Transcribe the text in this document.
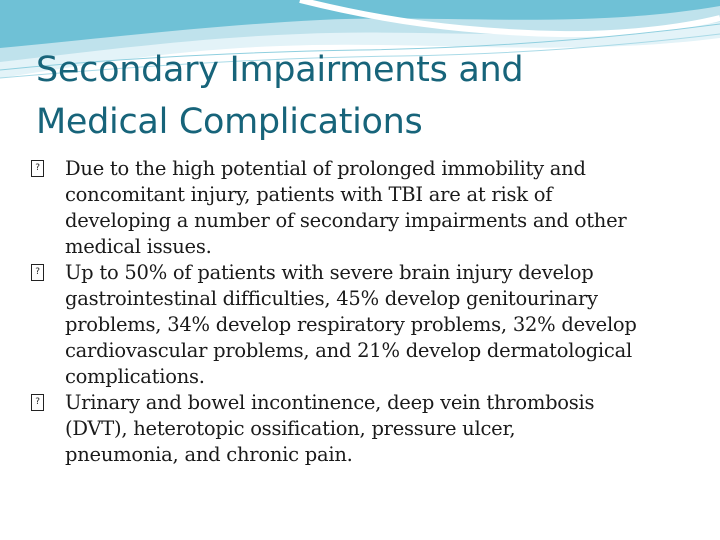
Secondary Impairments and
Medical Complications
? Due to the high potential of prolonged immobility and
concomitant injury, patients with TBI are at risk of
developing a number of secondary impairments and other
medical issues.
? Up to 50% of patients with severe brain injury develop
gastrointestinal difficulties, 45% develop genitourinary
problems, 34% develop respiratory problems, 32% develop
cardiovascular problems, and 21% develop dermatological
complications.
? Urinary and bowel incontinence, deep vein thrombosis
(DVT), heterotopic ossification, pressure ulcer,
pneumonia, and chronic pain.
